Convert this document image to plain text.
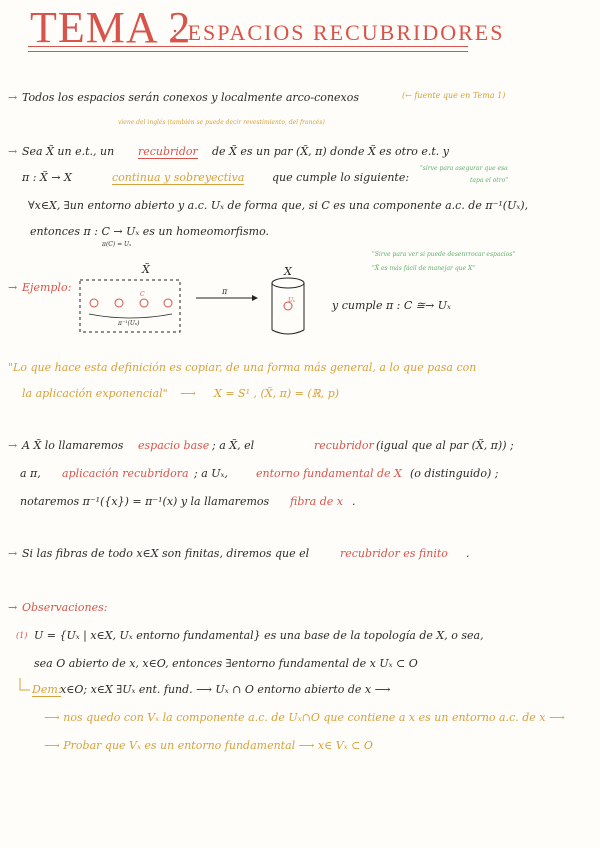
TEMA 2
: ESPACIOS RECUBRIDORES
→ Todos los espacios serán conexos y localmente arco-conexos	(← fuente que en Tema 1)
viene del inglés (también se puede decir revestimiento, del francés)
→ Sea X̃ un e.t., un recubridor de X̃ es un par (X̃, π) donde X̃ es otro e.t. y
"sirve para asegurar que esa
tapa el otro"
π : X̃ → X	continua y sobreyectiva	que cumple lo siguiente:
∀x∈X, ∃un entorno abierto y a.c. Uₓ de forma que, si C es una componente a.c. de π⁻¹(Uₓ),
entonces π : C → Uₓ es un homeomorfismo.
π(C) = Uₓ
"Sirve para ver si puede desenrrocar espacios"
"X̃ es más fácil de manejar que X"
→ Ejemplo:
X̃	X
C
π⁻¹(Uₓ)
π
Uₓ	y cumple π : C ≅→ Uₓ
"Lo que hace esta definición es copiar, de una forma más general, a lo que pasa con
la aplicación exponencial" ⟶ X = S¹ , (X̃, π) = (ℝ, p)
→ A X̃ lo llamaremos espacio base ; a X̃, el	recubridor (igual que al par (X̃, π)) ;
a π, aplicación recubridora ; a Uₓ,	entorno fundamental de X (o distinguido) ;
notaremos π⁻¹({x}) = π⁻¹(x) y la llamaremos fibra de x .
→ Si las fibras de todo x∈X son finitas, diremos que el	recubridor es finito .
→ Observaciones:
(1) U = {Uₓ | x∈X, Uₓ entorno fundamental} es una base de la topología de X, o sea,
sea O abierto de x, x∈O, entonces ∃entorno fundamental de x Uₓ ⊂ O
Dem:
x∈O; x∈X ∃Uₓ ent. fund. ⟶ Uₓ ∩ O entorno abierto de x ⟶
⟶ nos quedo con Vₓ la componente a.c. de Uₓ∩O que contiene a x es un entorno a.c. de x ⟶
⟶ Probar que Vₓ es un entorno fundamental ⟶ x∈ Vₓ ⊂ O
